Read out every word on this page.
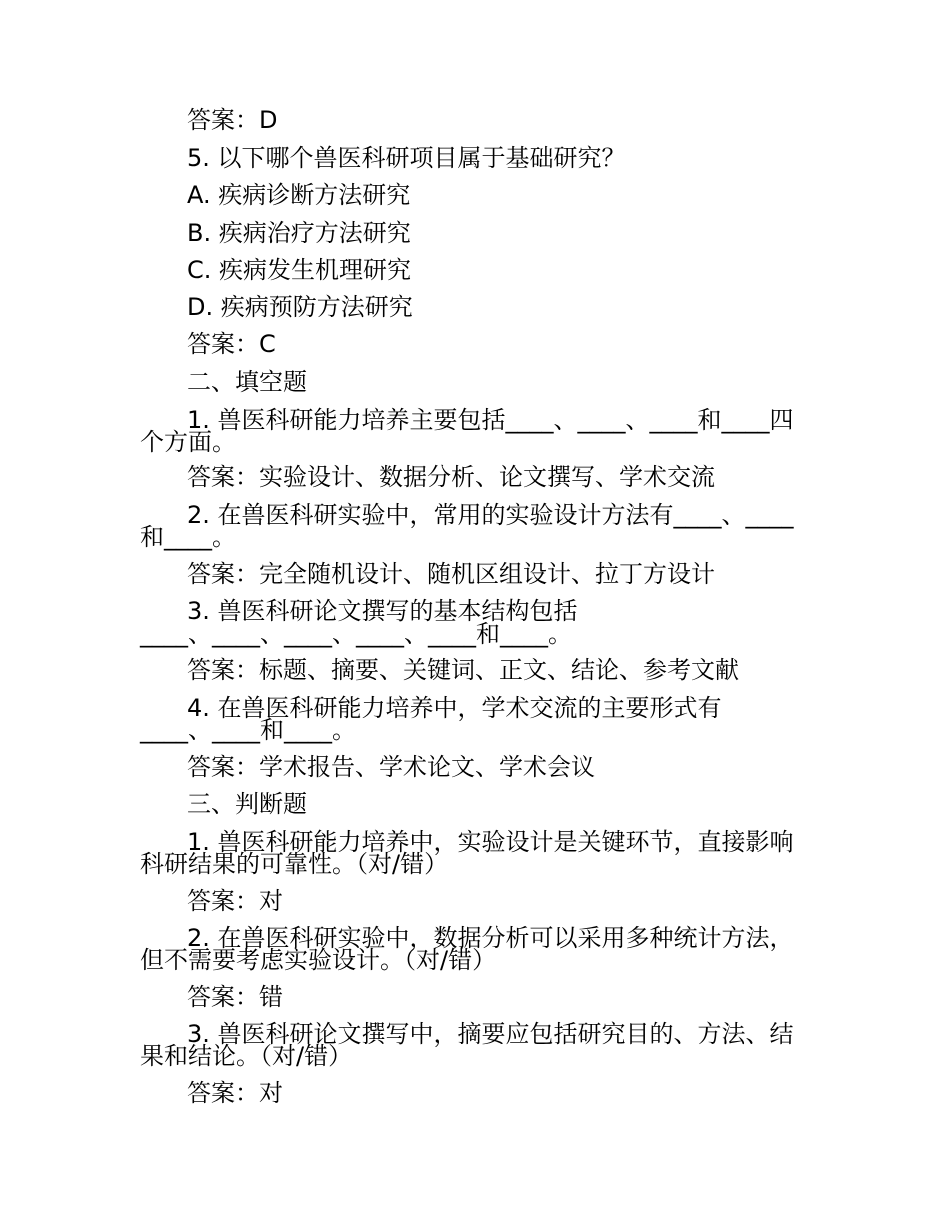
答案：D
5. 以下哪个兽医科研项目属于基础研究？
A. 疾病诊断方法研究
B. 疾病治疗方法研究
C. 疾病发生机理研究
D. 疾病预防方法研究
答案：C
二、填空题
1. 兽医科研能力培养主要包括____、____、____和____四
个方面。
答案：实验设计、数据分析、论文撰写、学术交流
2. 在兽医科研实验中，常用的实验设计方法有____、____
和____。
答案：完全随机设计、随机区组设计、拉丁方设计
3. 兽医科研论文撰写的基本结构包括
____、____、____、____、____和____。
答案：标题、摘要、关键词、正文、结论、参考文献
4. 在兽医科研能力培养中，学术交流的主要形式有
____、____和____。
答案：学术报告、学术论文、学术会议
三、判断题
1. 兽医科研能力培养中，实验设计是关键环节，直接影响
科研结果的可靠性。（对/错）
答案：对
2. 在兽医科研实验中，数据分析可以采用多种统计方法，
但不需要考虑实验设计。（对/错）
答案：错
3. 兽医科研论文撰写中，摘要应包括研究目的、方法、结
果和结论。（对/错）
答案：对
